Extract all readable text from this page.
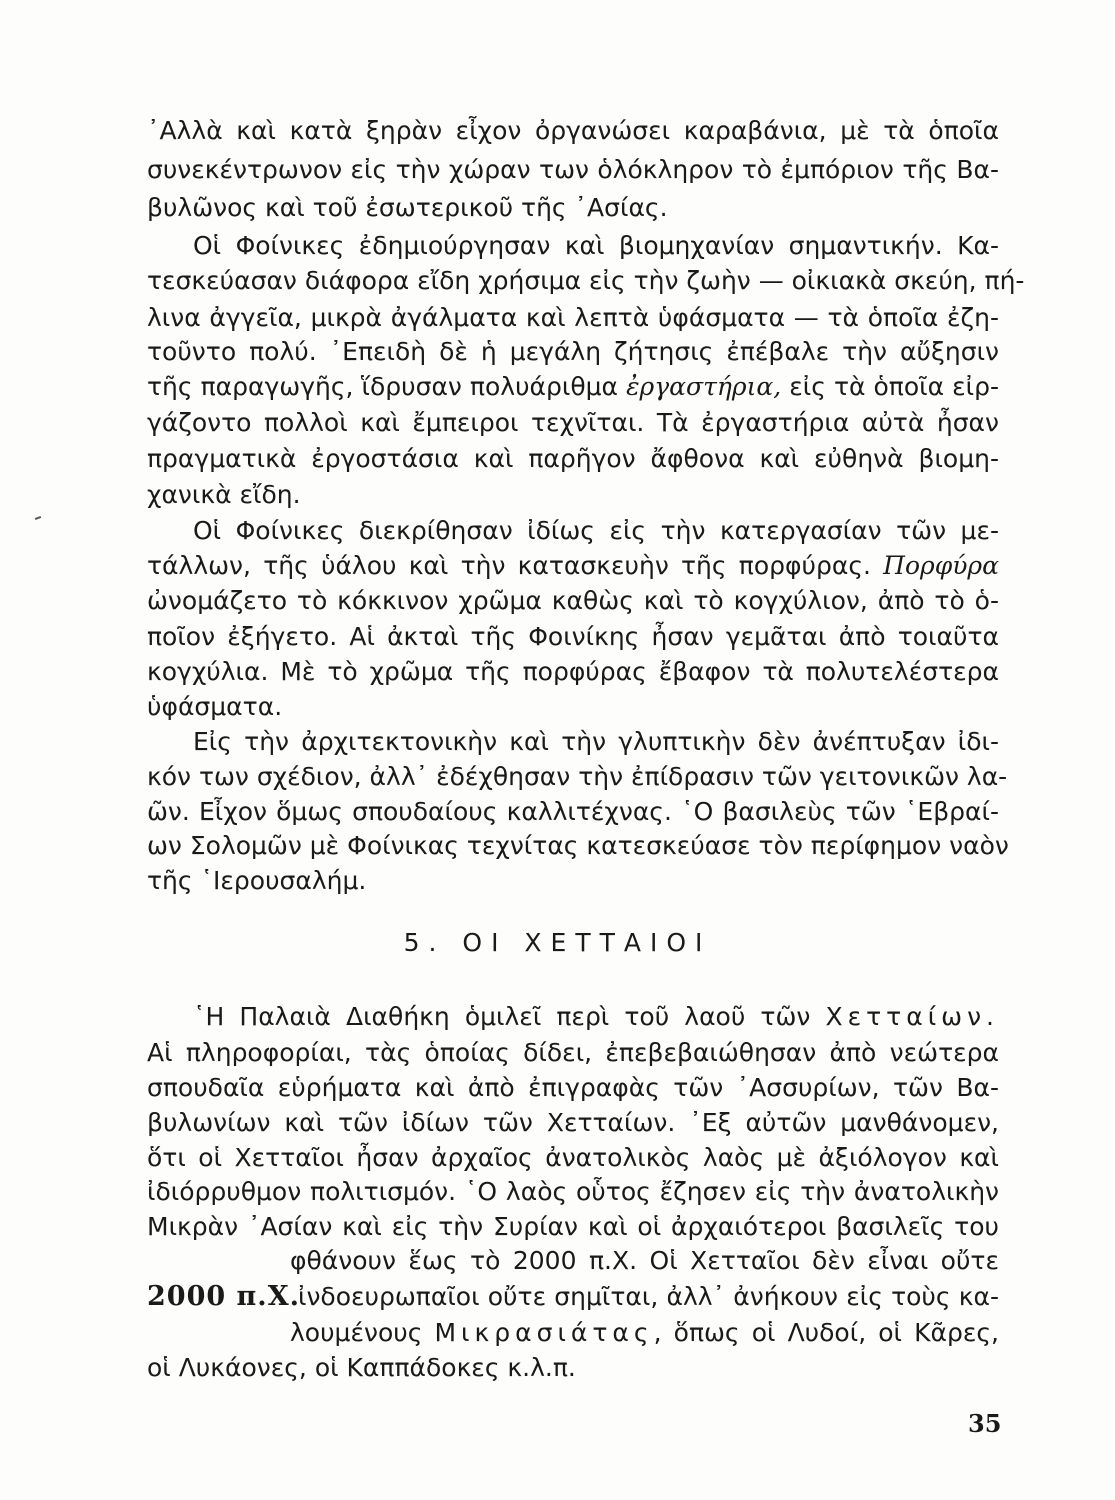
᾿Αλλὰ καὶ κατὰ ξηρὰν εἶχον ὀργανώσει καραβάνια, μὲ τὰ ὁποῖα
συνεκέντρωνον εἰς τὴν χώραν των ὁλόκληρον τὸ ἐμπόριον τῆς Βα-
βυλῶνος καὶ τοῦ ἐσωτερικοῦ τῆς ᾿Ασίας.
Οἱ Φοίνικες ἐδημιούργησαν καὶ βιομηχανίαν σημαντικήν. Κα-
τεσκεύασαν διάφορα εἴδη χρήσιμα εἰς τὴν ζωὴν — οἰκιακὰ σκεύη, πή-
λινα ἀγγεῖα, μικρὰ ἀγάλματα καὶ λεπτὰ ὑφάσματα — τὰ ὁποῖα ἐζη-
τοῦντο πολύ. ᾿Επειδὴ δὲ ἡ μεγάλη ζήτησις ἐπέβαλε τὴν αὔξησιν
τῆς παραγωγῆς, ἵδρυσαν πολυάριθμα ἐργαστήρια, εἰς τὰ ὁποῖα εἰρ-
γάζοντο πολλοὶ καὶ ἔμπειροι τεχνῖται. Τὰ ἐργαστήρια αὐτὰ ἦσαν
πραγματικὰ ἐργοστάσια καὶ παρῆγον ἄφθονα καὶ εὐθηνὰ βιομη-
χανικὰ εἴδη.
Οἱ Φοίνικες διεκρίθησαν ἰδίως εἰς τὴν κατεργασίαν τῶν με-
τάλλων, τῆς ὑάλου καὶ τὴν κατασκευὴν τῆς πορφύρας. Πορφύρα
ὠνομάζετο τὸ κόκκινον χρῶμα καθὼς καὶ τὸ κογχύλιον, ἀπὸ τὸ ὁ-
ποῖον ἐξήγετο. Αἱ ἀκταὶ τῆς Φοινίκης ἦσαν γεμᾶται ἀπὸ τοιαῦτα
κογχύλια. Μὲ τὸ χρῶμα τῆς πορφύρας ἔβαφον τὰ πολυτελέστερα
ὑφάσματα.
Εἰς τὴν ἀρχιτεκτονικὴν καὶ τὴν γλυπτικὴν δὲν ἀνέπτυξαν ἰδι-
κόν των σχέδιον, ἀλλ᾿ ἐδέχθησαν τὴν ἐπίδρασιν τῶν γειτονικῶν λα-
ῶν. Εἶχον ὅμως σπουδαίους καλλιτέχνας. ῾Ο βασιλεὺς τῶν ῾Εβραί-
ων Σολομῶν μὲ Φοίνικας τεχνίτας κατεσκεύασε τὸν περίφημον ναὸν
τῆς ῾Ιερουσαλήμ.
5. ΟΙ ΧΕΤΤΑΙΟΙ
῾Η Παλαιὰ Διαθήκη ὁμιλεῖ περὶ τοῦ λαοῦ τῶν Χετταίων.
Αἱ πληροφορίαι, τὰς ὁποίας δίδει, ἐπεβεβαιώθησαν ἀπὸ νεώτερα
σπουδαῖα εὑρήματα καὶ ἀπὸ ἐπιγραφὰς τῶν ᾿Ασσυρίων, τῶν Βα-
βυλωνίων καὶ τῶν ἰδίων τῶν Χετταίων. ᾿Εξ αὐτῶν μανθάνομεν,
ὅτι οἱ Χετταῖοι ἦσαν ἀρχαῖος ἀνατολικὸς λαὸς μὲ ἀξιόλογον καὶ
ἰδιόρρυθμον πολιτισμόν. ῾Ο λαὸς οὗτος ἔζησεν εἰς τὴν ἀνατολικὴν
Μικρὰν ᾿Ασίαν καὶ εἰς τὴν Συρίαν καὶ οἱ ἀρχαιότεροι βασιλεῖς του
φθάνουν ἕως τὸ 2000 π.Χ. Οἱ Χετταῖοι δὲν εἶναι οὔτε
2000 π.Χ.
ἰνδοευρωπαῖοι οὔτε σημῖται, ἀλλ᾿ ἀνήκουν εἰς τοὺς κα-
λουμένους Μικρασιάτας, ὅπως οἱ Λυδοί, οἱ Κᾶρες,
οἱ Λυκάονες, οἱ Καππάδοκες κ.λ.π.
35
